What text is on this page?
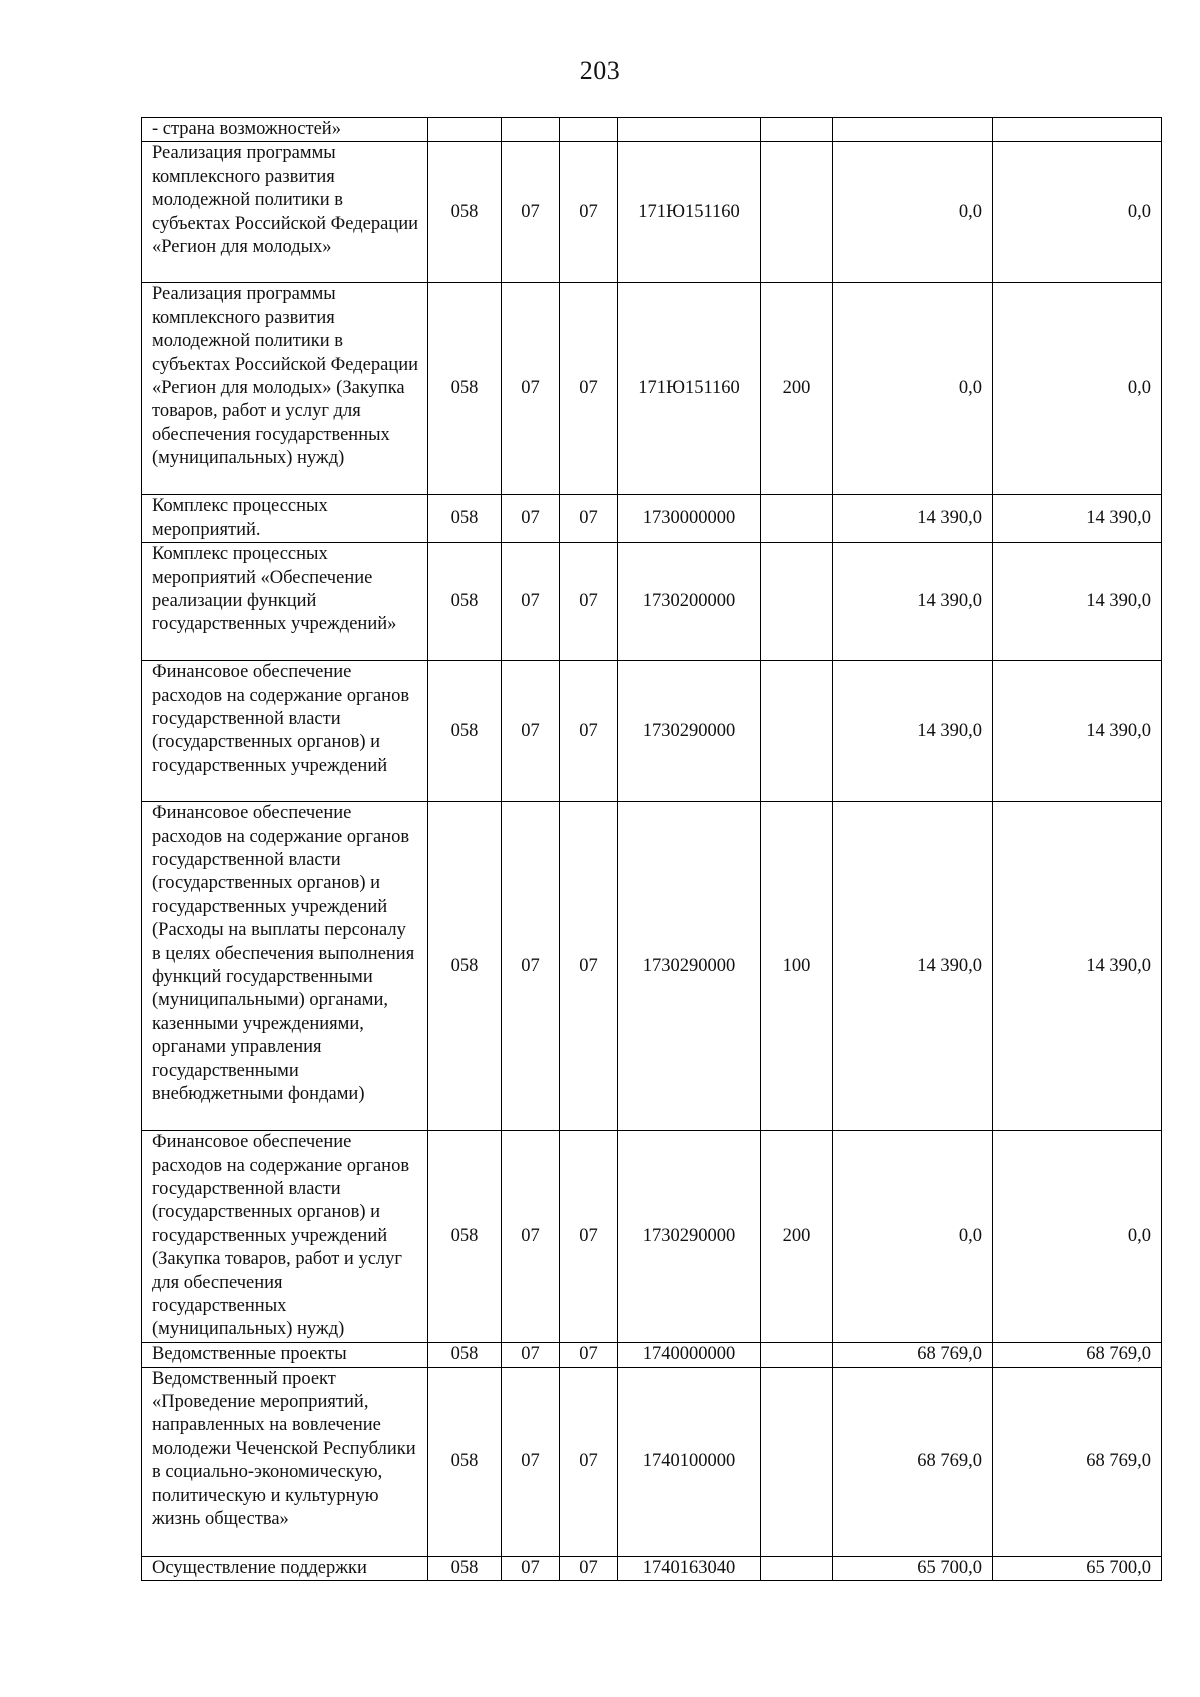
203
- страна возможностей»							
Реализация программы комплексного развития молодежной политики в субъектах Российской Федерации «Регион для молодых»	058	07	07	171Ю151160		0,0	0,0
Реализация программы комплексного развития молодежной политики в субъектах Российской Федерации «Регион для молодых» (Закупка товаров, работ и услуг для обеспечения государственных (муниципальных) нужд)	058	07	07	171Ю151160	200	0,0	0,0
Комплекс процессных мероприятий.	058	07	07	1730000000		14 390,0	14 390,0
Комплекс процессных мероприятий «Обеспечение реализации функций государственных учреждений»	058	07	07	1730200000		14 390,0	14 390,0
Финансовое обеспечение расходов на содержание органов государственной власти (государственных органов) и государственных учреждений	058	07	07	1730290000		14 390,0	14 390,0
Финансовое обеспечение расходов на содержание органов государственной власти (государственных органов) и государственных учреждений (Расходы на выплаты персоналу в целях обеспечения выполнения функций государственными (муниципальными) органами, казенными учреждениями, органами управления государственными внебюджетными фондами)	058	07	07	1730290000	100	14 390,0	14 390,0
Финансовое обеспечение расходов на содержание органов государственной власти (государственных органов) и государственных учреждений (Закупка товаров, работ и услуг для обеспечения государственных (муниципальных) нужд)	058	07	07	1730290000	200	0,0	0,0
Ведомственные проекты	058	07	07	1740000000		68 769,0	68 769,0
Ведомственный проект «Проведение мероприятий, направленных на вовлечение молодежи Чеченской Республики в социально-экономическую, политическую и культурную жизнь общества»	058	07	07	1740100000		68 769,0	68 769,0
Осуществление поддержки	058	07	07	1740163040		65 700,0	65 700,0
